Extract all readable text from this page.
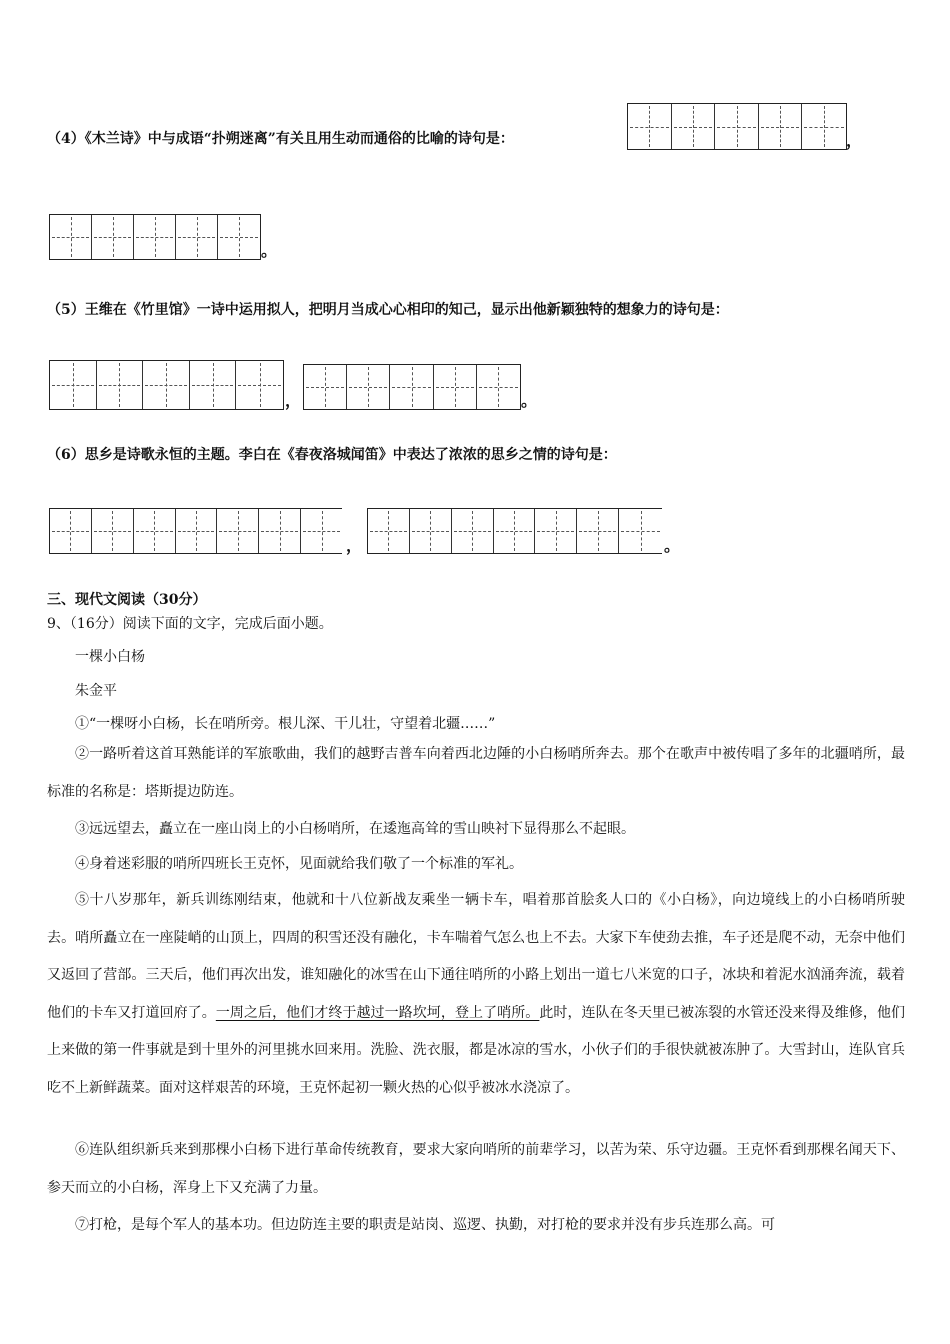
（4）《木兰诗》中与成语“扑朔迷离”有关且用生动而通俗的比喻的诗句是：	，
。
（5）王维在《竹里馆》一诗中运用拟人，把明月当成心心相印的知己，显示出他新颖独特的想象力的诗句是：
，	。
（6）思乡是诗歌永恒的主题。李白在《春夜洛城闻笛》中表达了浓浓的思乡之情的诗句是：
，	。
三、现代文阅读（30分）
9、（16分）阅读下面的文字，完成后面小题。
一棵小白杨
朱金平
①“一棵呀小白杨，长在哨所旁。根儿深、干儿壮，守望着北疆……”
②一路听着这首耳熟能详的军旅歌曲，我们的越野吉普车向着西北边陲的小白杨哨所奔去。那个在歌声中被传唱了多年的北疆哨所，最标准的名称是：塔斯提边防连。
③远远望去，矗立在一座山岗上的小白杨哨所，在逶迤高耸的雪山映衬下显得那么不起眼。
④身着迷彩服的哨所四班长王克怀，见面就给我们敬了一个标准的军礼。
⑤十八岁那年，新兵训练刚结束，他就和十八位新战友乘坐一辆卡车，唱着那首脍炙人口的《小白杨》，向边境线上的小白杨哨所驶去。哨所矗立在一座陡峭的山顶上，四周的积雪还没有融化，卡车喘着气怎么也上不去。大家下车使劲去推，车子还是爬不动，无奈中他们又返回了营部。三天后，他们再次出发，谁知融化的冰雪在山下通往哨所的小路上划出一道七八米宽的口子，冰块和着泥水汹涌奔流，载着他们的卡车又打道回府了。一周之后，他们才终于越过一路坎坷，登上了哨所。此时，连队在冬天里已被冻裂的水管还没来得及维修，他们上来做的第一件事就是到十里外的河里挑水回来用。洗脸、洗衣服，都是冰凉的雪水，小伙子们的手很快就被冻肿了。大雪封山，连队官兵吃不上新鲜蔬菜。面对这样艰苦的环境，王克怀起初一颗火热的心似乎被冰水浇凉了。
⑥连队组织新兵来到那棵小白杨下进行革命传统教育，要求大家向哨所的前辈学习，以苦为荣、乐守边疆。王克怀看到那棵名闻天下、参天而立的小白杨，浑身上下又充满了力量。
⑦打枪，是每个军人的基本功。但边防连主要的职责是站岗、巡逻、执勤，对打枪的要求并没有步兵连那么高。可
